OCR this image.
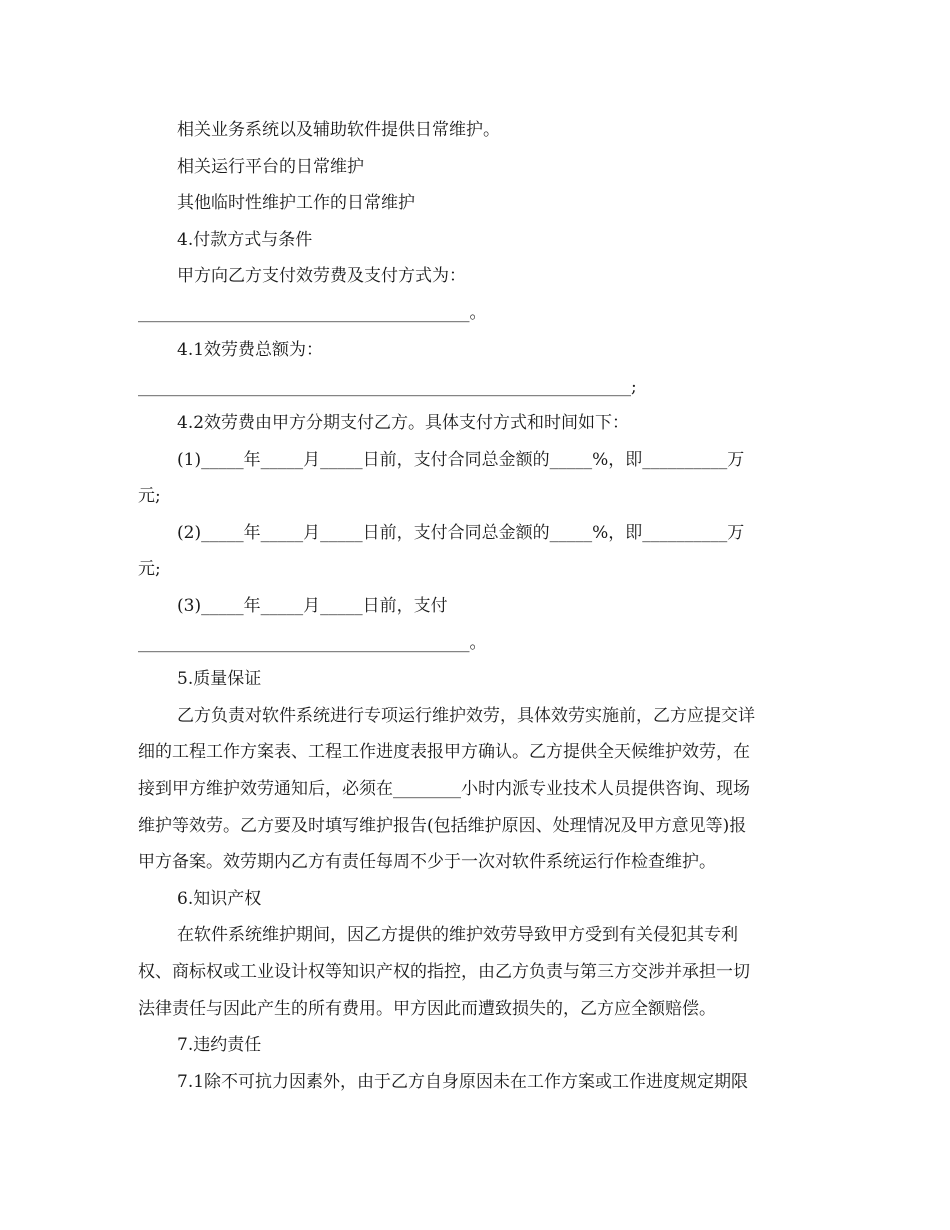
相关业务系统以及辅助软件提供日常维护。
相关运行平台的日常维护
其他临时性维护工作的日常维护
4.付款方式与条件
甲方向乙方支付效劳费及支付方式为：
_______________________________________。
4.1效劳费总额为：
__________________________________________________________;
4.2效劳费由甲方分期支付乙方。具体支付方式和时间如下：
(1)_____年_____月_____日前，支付合同总金额的_____%，即__________万
元;
(2)_____年_____月_____日前，支付合同总金额的_____%，即__________万
元;
(3)_____年_____月_____日前，支付
_______________________________________。
5.质量保证
乙方负责对软件系统进行专项运行维护效劳，具体效劳实施前，乙方应提交详
细的工程工作方案表、工程工作进度表报甲方确认。乙方提供全天候维护效劳，在
接到甲方维护效劳通知后，必须在________小时内派专业技术人员提供咨询、现场
维护等效劳。乙方要及时填写维护报告(包括维护原因、处理情况及甲方意见等)报
甲方备案。效劳期内乙方有责任每周不少于一次对软件系统运行作检查维护。
6.知识产权
在软件系统维护期间，因乙方提供的维护效劳导致甲方受到有关侵犯其专利
权、商标权或工业设计权等知识产权的指控，由乙方负责与第三方交涉并承担一切
法律责任与因此产生的所有费用。甲方因此而遭致损失的，乙方应全额赔偿。
7.违约责任
7.1除不可抗力因素外，由于乙方自身原因未在工作方案或工作进度规定期限
